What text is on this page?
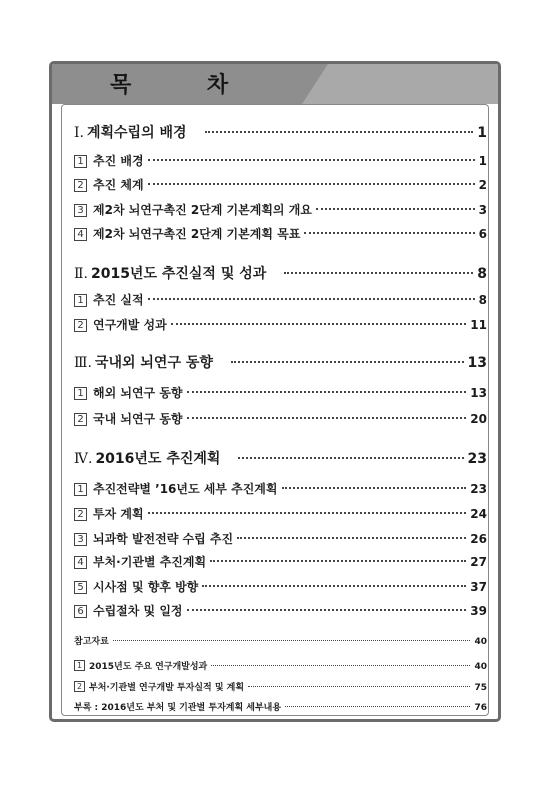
목 차
Ⅰ. 계획수립의 배경	1
1 추진 배경	1
2 추진 체계	2
3 제2차 뇌연구촉진 2단계 기본계획의 개요	3
4 제2차 뇌연구촉진 2단계 기본계획 목표	6
Ⅱ. 2015년도 추진실적 및 성과	8
1 추진 실적	8
2 연구개발 성과	11
Ⅲ. 국내외 뇌연구 동향	13
1 해외 뇌연구 동향	13
2 국내 뇌연구 동향	20
Ⅳ. 2016년도 추진계획	23
1 추진전략별 ’16년도 세부 추진계획	23
2 투자 계획	24
3 뇌과학 발전전략 수립 추진	26
4 부처·기관별 추진계획	27
5 시사점 및 향후 방향	37
6 수립절차 및 일정	39
참고자료	40
1 2015년도 주요 연구개발성과	40
2 부처·기관별 연구개발 투자실적 및 계획	75
부록 : 2016년도 부처 및 기관별 투자계획 세부내용	76
